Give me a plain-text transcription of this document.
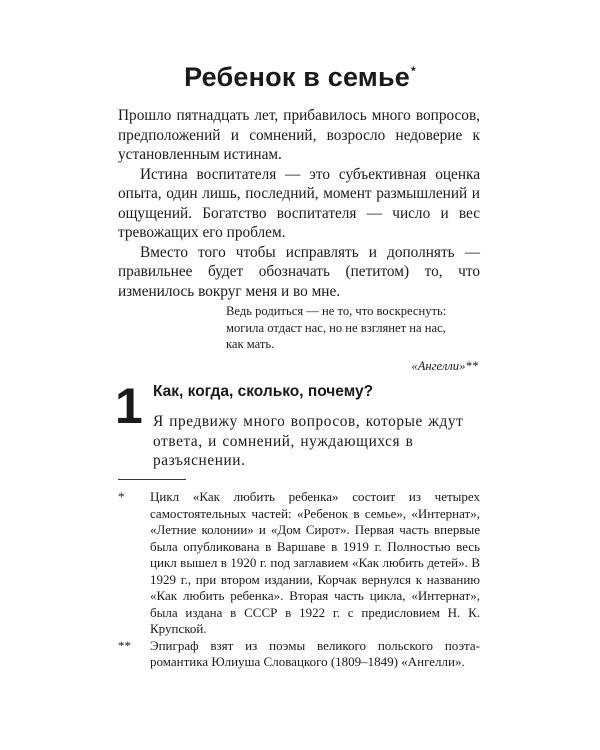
Ребенок в семье*

Прошло пятнадцать лет, прибавилось много вопросов, предположений и сомнений, возросло недоверие к установленным истинам.

Истина воспитателя — это субъективная оценка опыта, один лишь, последний, момент размышлений и ощущений. Богатство воспитателя — число и вес тревожащих его проблем.

Вместо того чтобы исправлять и дополнять — правильнее будет обозначать (петитом) то, что изменилось вокруг меня и во мне.

Ведь родиться — не то, что воскреснуть:

могила отдаст нас, но не взглянет на нас,

как мать.

«Ангелли»**
1 Как, когда, сколько, почему?
Я предвижу много вопросов, которые ждут ответа, и сомнений, нуждающихся в разъяснении.

*	Цикл «Как любить ребенка» состоит из четырех самостоятельных частей: «Ребенок в семье», «Интернат», «Летние колонии» и «Дом Сирот». Первая часть впервые была опубликована в Варшаве в 1919 г. Полностью весь цикл вышел в 1920 г. под заглавием «Как любить детей». В 1929 г., при втором издании, Корчак вернулся к названию «Как любить ребенка». Вторая часть цикла, «Интернат», была издана в СССР в 1922 г. с предисловием Н. К. Крупской.

**	Эпиграф взят из поэмы великого польского поэта-романтика Юлиуша Словацкого (1809–1849) «Ангелли».
